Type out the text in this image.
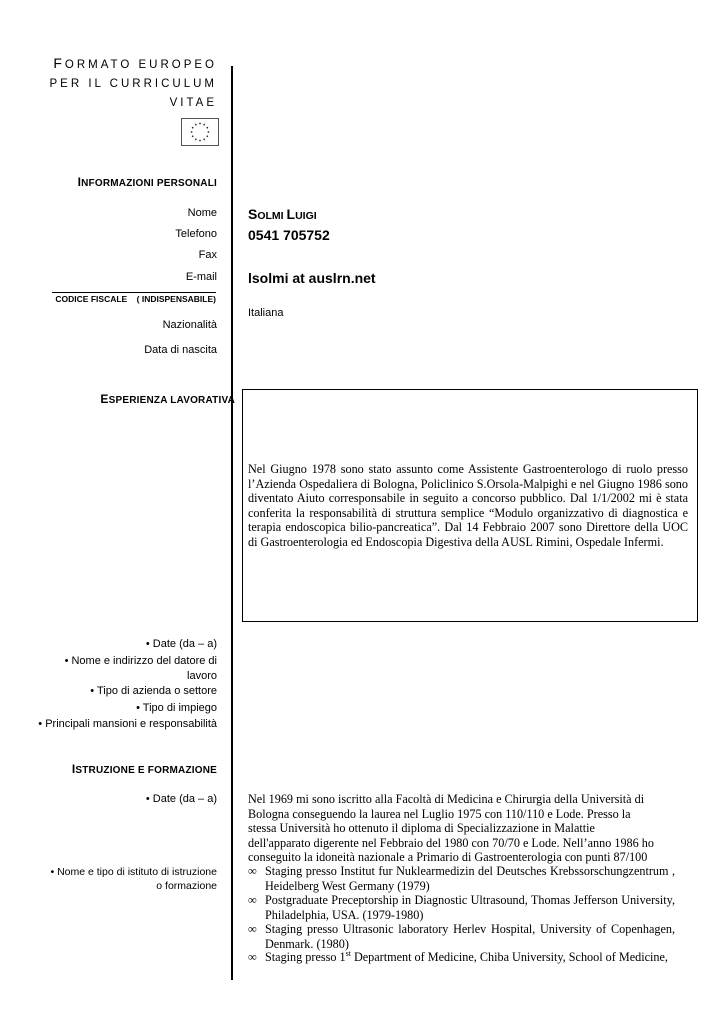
FORMATO EUROPEO
PER IL CURRICULUM
VITAE
INFORMAZIONI PERSONALI
Nome
Telefono
Fax
E-mail
CODICE FISCALE    ( INDISPENSABILE)
Nazionalità
Data di nascita
SOLMI LUIGI
0541 705752
lsolmi at auslrn.net
Italiana
ESPERIENZA LAVORATIVA
Nel Giugno 1978 sono stato assunto come Assistente Gastroenterologo di ruolo presso l’Azienda Ospedaliera di Bologna, Policlinico S.Orsola-Malpighi e nel Giugno 1986 sono diventato Aiuto corresponsabile in seguito a concorso pubblico. Dal 1/1/2002 mi è stata conferita la responsabilità di struttura semplice “Modulo organizzativo di diagnostica e terapia endoscopica bilio-pancreatica”. Dal 14 Febbraio 2007 sono Direttore della UOC di Gastroenterologia ed Endoscopia Digestiva della AUSL Rimini, Ospedale Infermi.
• Date (da – a)
• Nome e indirizzo del datore di
lavoro
• Tipo di azienda o settore
• Tipo di impiego
• Principali mansioni e responsabilità
ISTRUZIONE E FORMAZIONE
• Date (da – a)
• Nome e tipo di istituto di istruzione
o formazione
Nel 1969 mi sono iscritto alla Facoltà di Medicina e Chirurgia della Università di Bologna conseguendo la laurea nel Luglio 1975 con 110/110 e Lode. Presso la stessa Università ho ottenuto il diploma di Specializzazione in Malattie dell'apparato digerente nel Febbraio del 1980 con 70/70 e Lode. Nell’anno 1986 ho conseguito la idoneità nazionale a Primario di Gastroenterologia con punti 87/100
∞ Staging presso Institut fur Nuklearmedizin del Deutsches Krebssorschungzentrum , Heidelberg West Germany (1979)
∞ Postgraduate Preceptorship in Diagnostic Ultrasound, Thomas Jefferson University, Philadelphia, USA. (1979-1980)
∞ Staging presso Ultrasonic laboratory Herlev Hospital, University of Copenhagen, Denmark. (1980)
∞ Staging presso 1st Department of Medicine, Chiba University, School of Medicine,
